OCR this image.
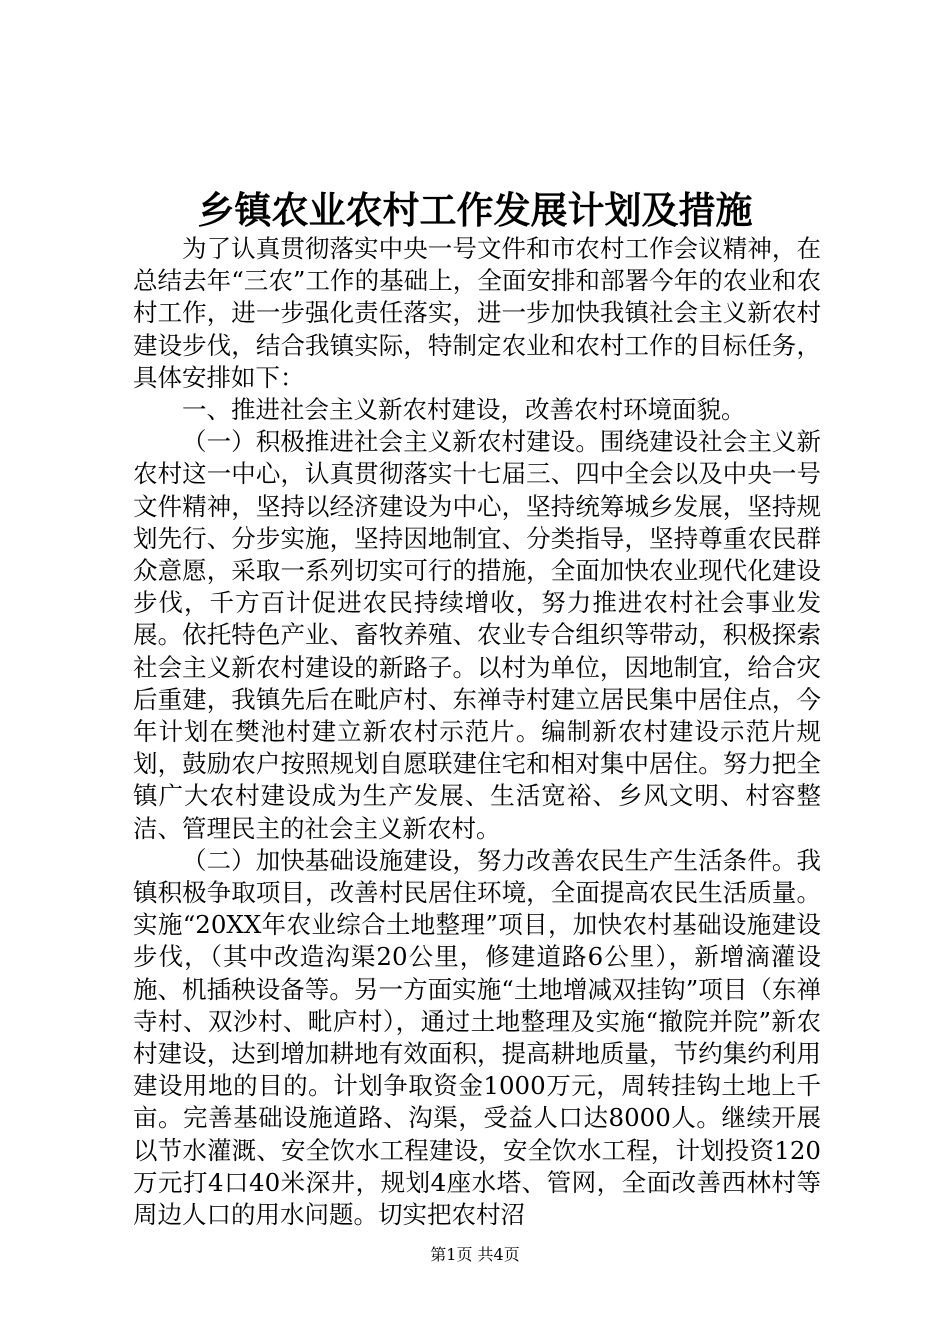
乡镇农业农村工作发展计划及措施

为了认真贯彻落实中央一号文件和市农村工作会议精神，在总结去年“三农”工作的基础上，全面安排和部署今年的农业和农村工作，进一步强化责任落实，进一步加快我镇社会主义新农村建设步伐，结合我镇实际，特制定农业和农村工作的目标任务，具体安排如下：

一、推进社会主义新农村建设，改善农村环境面貌。

（一）积极推进社会主义新农村建设。围绕建设社会主义新农村这一中心，认真贯彻落实十七届三、四中全会以及中央一号文件精神，坚持以经济建设为中心，坚持统筹城乡发展，坚持规划先行、分步实施，坚持因地制宜、分类指导，坚持尊重农民群众意愿，采取一系列切实可行的措施，全面加快农业现代化建设步伐，千方百计促进农民持续增收，努力推进农村社会事业发展。依托特色产业、畜牧养殖、农业专合组织等带动，积极探索社会主义新农村建设的新路子。以村为单位，因地制宜，给合灾后重建，我镇先后在毗庐村、东禅寺村建立居民集中居住点，今年计划在樊池村建立新农村示范片。编制新农村建设示范片规划，鼓励农户按照规划自愿联建住宅和相对集中居住。努力把全镇广大农村建设成为生产发展、生活宽裕、乡风文明、村容整洁、管理民主的社会主义新农村。

（二）加快基础设施建设，努力改善农民生产生活条件。我镇积极争取项目，改善村民居住环境，全面提高农民生活质量。实施“20XX年农业综合土地整理”项目，加快农村基础设施建设步伐，（其中改造沟渠20公里，修建道路6公里），新增滴灌设施、机插秧设备等。另一方面实施“土地增减双挂钩”项目（东禅寺村、双沙村、毗庐村），通过土地整理及实施“撤院并院”新农村建设，达到增加耕地有效面积，提高耕地质量，节约集约利用建设用地的目的。计划争取资金1000万元，周转挂钩土地上千亩。完善基础设施道路、沟渠，受益人口达8000人。继续开展以节水灌溉、安全饮水工程建设，安全饮水工程，计划投资120万元打4口40米深井，规划4座水塔、管网，全面改善西林村等周边人口的用水问题。切实把农村沼

第1页 共4页
